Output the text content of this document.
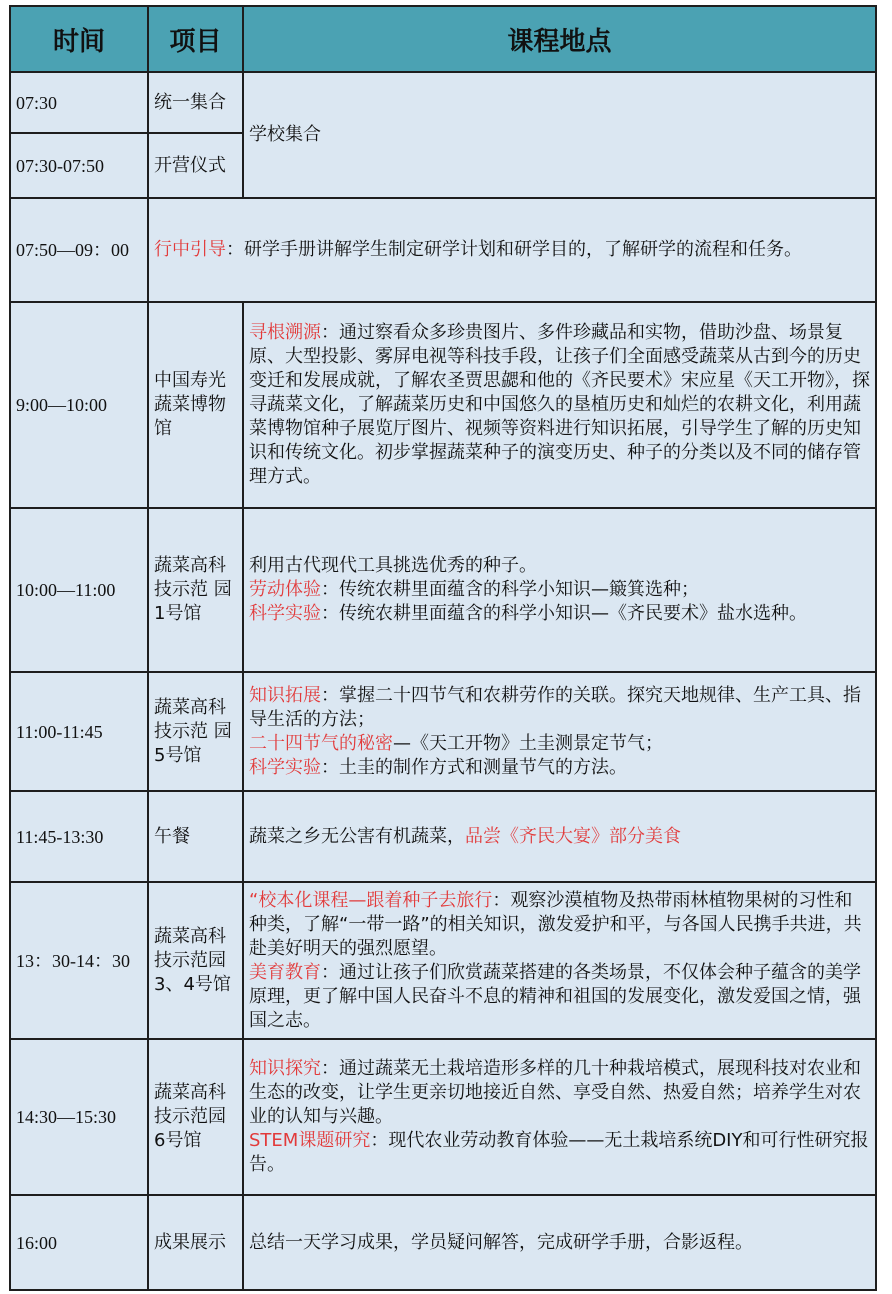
时间	项目	课程地点
07:30	统一集合	学校集合
07:30-07:50	开营仪式	
07:50—09：00	行中引导：研学手册讲解学生制定研学计划和研学目的，了解研学的流程和任务。	
9:00—10:00	中国寿光蔬菜博物馆	寻根溯源：通过察看众多珍贵图片、多件珍藏品和实物，借助沙盘、场景复原、大型投影、雾屏电视等科技手段，让孩子们全面感受蔬菜从古到今的历史变迁和发展成就，了解农圣贾思勰和他的《齐民要术》宋应星《天工开物》，探寻蔬菜文化，了解蔬菜历史和中国悠久的垦植历史和灿烂的农耕文化，利用蔬菜博物馆种子展览厅图片、视频等资料进行知识拓展，引导学生了解的历史知识和传统文化。初步掌握蔬菜种子的演变历史、种子的分类以及不同的储存管理方式。
10:00—11:00	蔬菜高科技示范 园1号馆	利用古代现代工具挑选优秀的种子。
劳动体验：传统农耕里面蕴含的科学小知识—簸箕选种；
科学实验：传统农耕里面蕴含的科学小知识—《齐民要术》盐水选种。
11:00-11:45	蔬菜高科技示范 园5号馆	知识拓展：掌握二十四节气和农耕劳作的关联。探究天地规律、生产工具、指导生活的方法；
二十四节气的秘密—《天工开物》土圭测景定节气；
科学实验：土圭的制作方式和测量节气的方法。
11:45-13:30	午餐	蔬菜之乡无公害有机蔬菜，品尝《齐民大宴》部分美食
13：30-14：30	蔬菜高科技示范园3、4号馆	“校本化课程—跟着种子去旅行：观察沙漠植物及热带雨林植物果树的习性和种类，了解“一带一路”的相关知识，激发爱护和平，与各国人民携手共进，共赴美好明天的强烈愿望。
美育教育：通过让孩子们欣赏蔬菜搭建的各类场景，不仅体会种子蕴含的美学原理，更了解中国人民奋斗不息的精神和祖国的发展变化，激发爱国之情，强国之志。
14:30—15:30	蔬菜高科技示范园6号馆	知识探究：通过蔬菜无土栽培造形多样的几十种栽培模式，展现科技对农业和生态的改变，让学生更亲切地接近自然、享受自然、热爱自然；培养学生对农业的认知与兴趣。
STEM课题研究：现代农业劳动教育体验——无土栽培系统DIY和可行性研究报告。
16:00	成果展示	总结一天学习成果，学员疑问解答，完成研学手册，合影返程。
